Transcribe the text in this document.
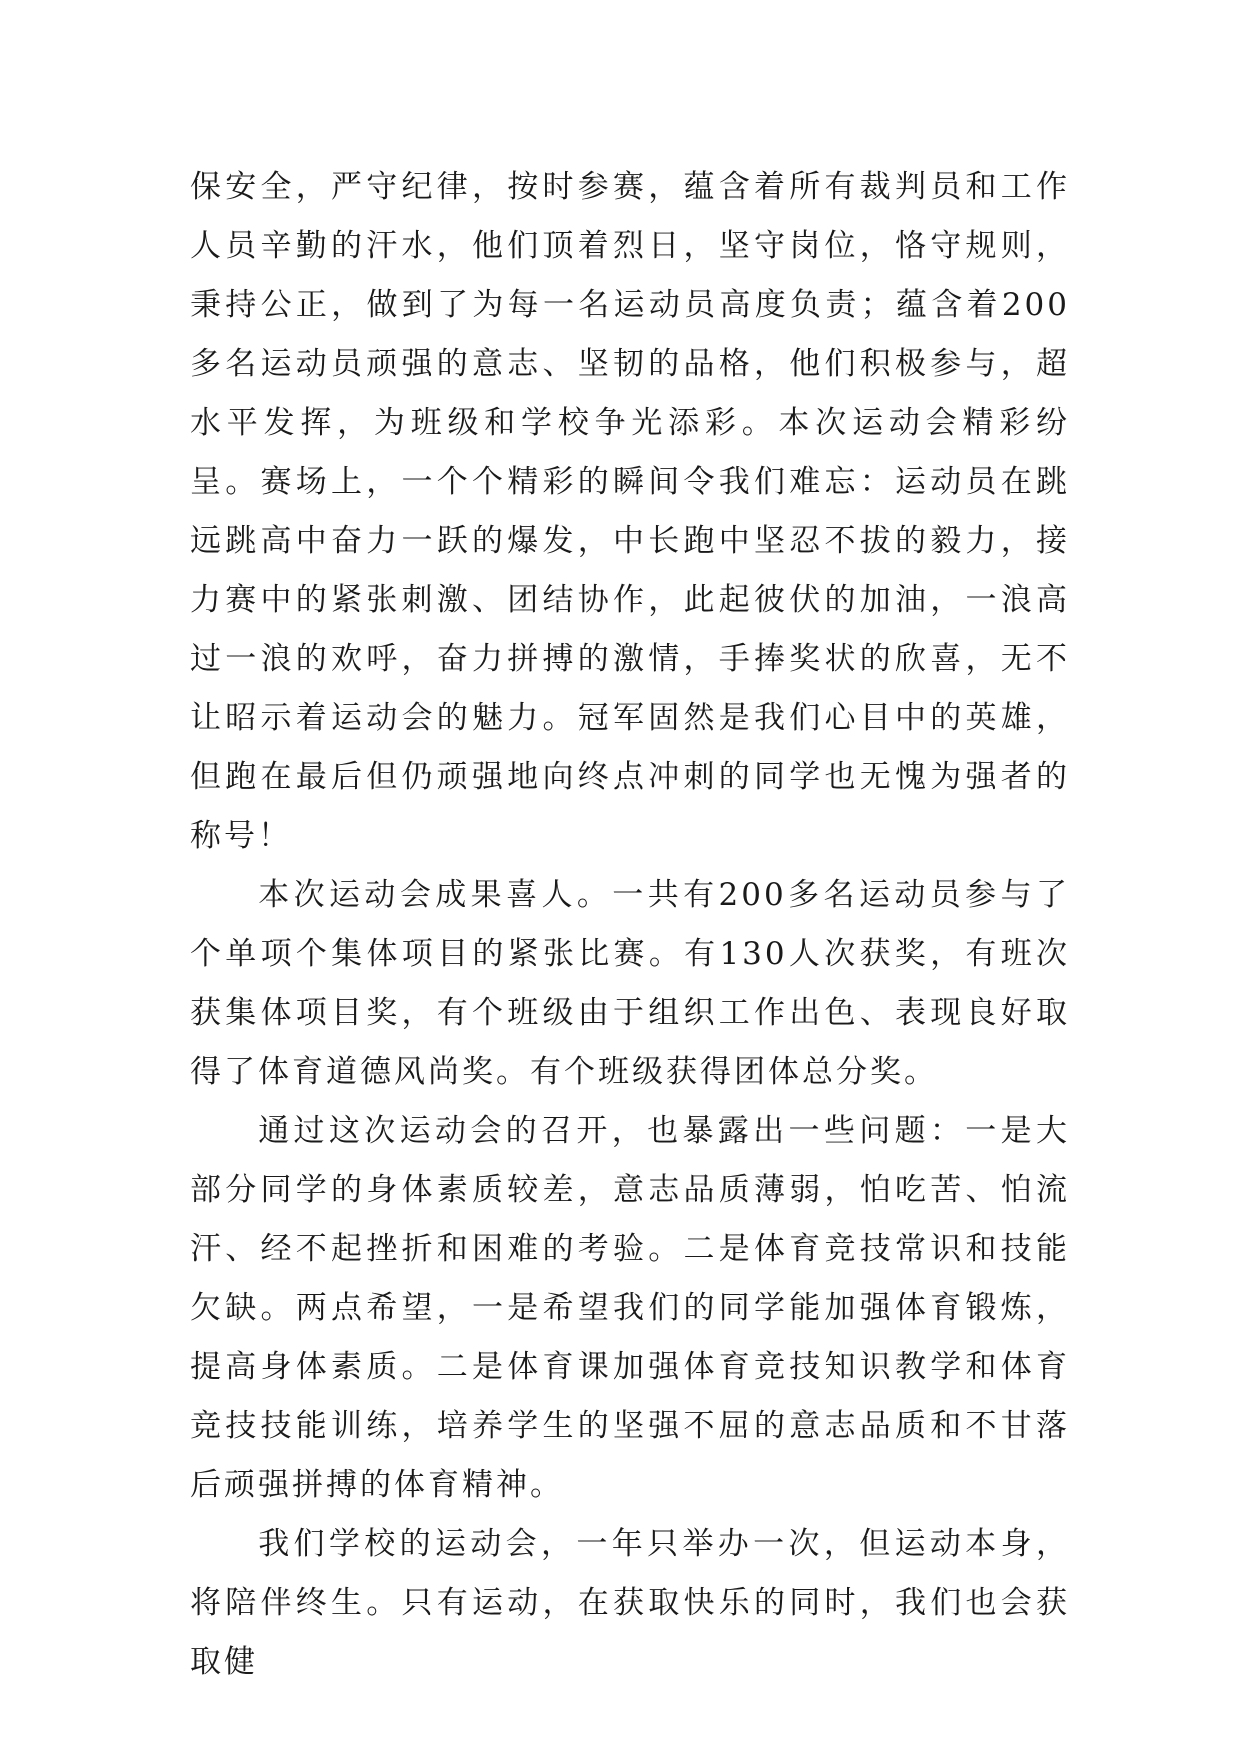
保安全，严守纪律，按时参赛，蕴含着所有裁判员和工作人员辛勤的汗水，他们顶着烈日，坚守岗位，恪守规则，秉持公正，做到了为每一名运动员高度负责；蕴含着200多名运动员顽强的意志、坚韧的品格，他们积极参与，超水平发挥，为班级和学校争光添彩。本次运动会精彩纷呈。赛场上，一个个精彩的瞬间令我们难忘：运动员在跳远跳高中奋力一跃的爆发，中长跑中坚忍不拔的毅力，接力赛中的紧张刺激、团结协作，此起彼伏的加油，一浪高过一浪的欢呼，奋力拼搏的激情，手捧奖状的欣喜，无不让昭示着运动会的魅力。冠军固然是我们心目中的英雄，但跑在最后但仍顽强地向终点冲刺的同学也无愧为强者的称号！

本次运动会成果喜人。一共有200多名运动员参与了个单项个集体项目的紧张比赛。有130人次获奖，有班次获集体项目奖，有个班级由于组织工作出色、表现良好取得了体育道德风尚奖。有个班级获得团体总分奖。

通过这次运动会的召开，也暴露出一些问题：一是大部分同学的身体素质较差，意志品质薄弱，怕吃苦、怕流汗、经不起挫折和困难的考验。二是体育竞技常识和技能欠缺。两点希望，一是希望我们的同学能加强体育锻炼，提高身体素质。二是体育课加强体育竞技知识教学和体育竞技技能训练，培养学生的坚强不屈的意志品质和不甘落后顽强拼搏的体育精神。

我们学校的运动会，一年只举办一次，但运动本身，将陪伴终生。只有运动，在获取快乐的同时，我们也会获取健
